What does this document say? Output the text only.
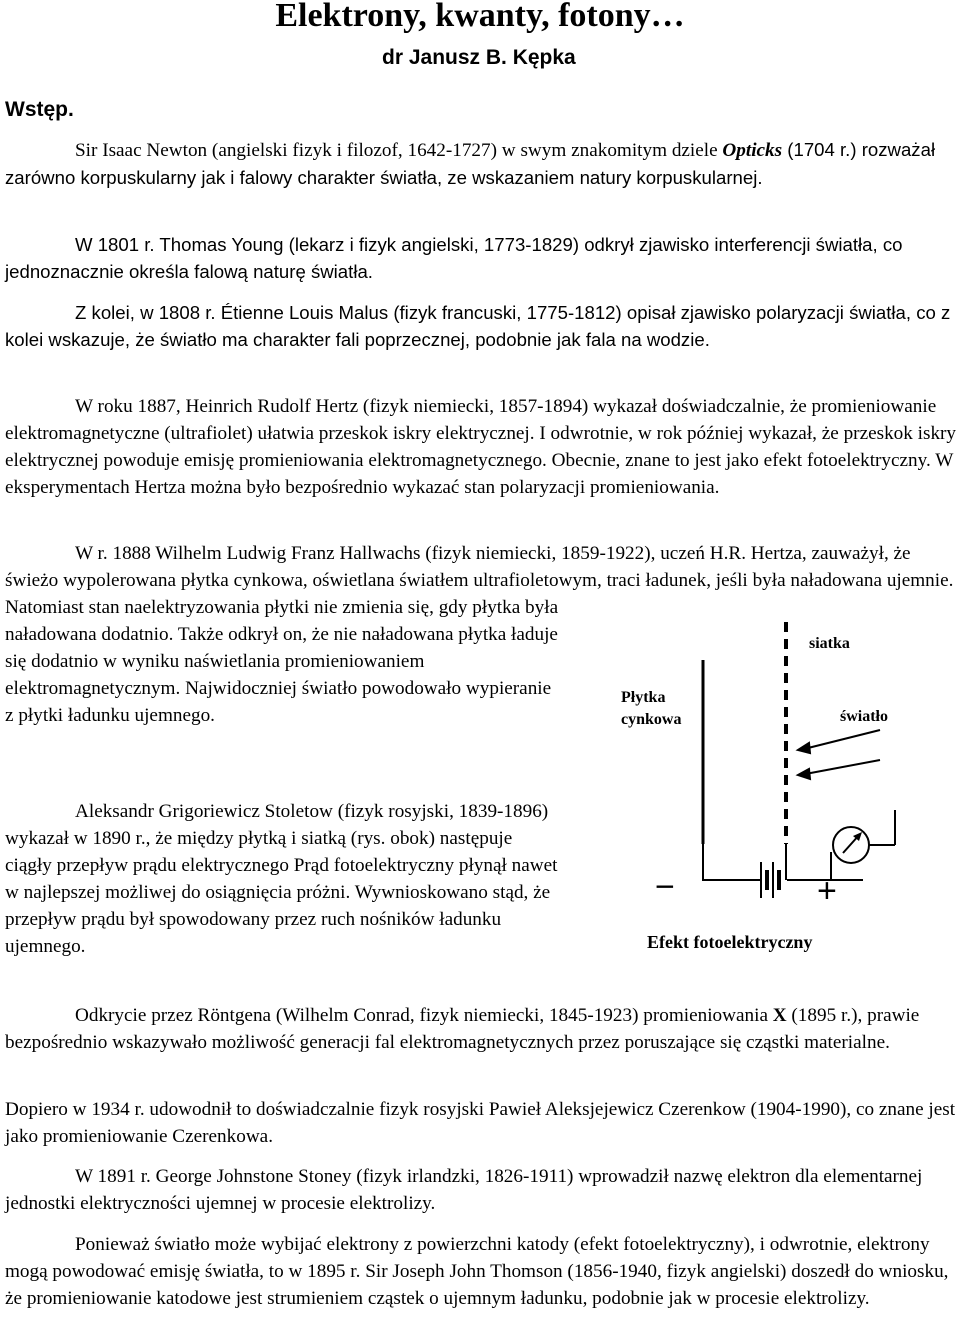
Elektrony, kwanty, fotony…
dr Janusz B. Kępka
Wstęp.

Sir Isaac Newton (angielski fizyk i filozof, 1642-1727) w swym znakomitym dziele Opticks (1704 r.) rozważał zarówno korpuskularny jak i falowy charakter światła, ze wskazaniem natury korpuskularnej.

W 1801 r. Thomas Young (lekarz i fizyk angielski, 1773-1829) odkrył zjawisko interferencji światła, co jednoznacznie określa falową naturę światła.

Z kolei, w 1808 r. Étienne Louis Malus (fizyk francuski, 1775-1812) opisał zjawisko polaryzacji światła, co z kolei wskazuje, że światło ma charakter fali poprzecznej, podobnie jak fala na wodzie.

W roku 1887, Heinrich Rudolf Hertz (fizyk niemiecki, 1857-1894) wykazał doświadczalnie, że promieniowanie elektromagnetyczne (ultrafiolet) ułatwia przeskok iskry elektrycznej. I odwrotnie, w rok później wykazał, że przeskok iskry elektrycznej powoduje emisję promieniowania elektromagnetycznego. Obecnie, znane to jest jako efekt fotoelektryczny. W eksperymentach Hertza można było bezpośrednio wykazać stan polaryzacji promieniowania.

W r. 1888 Wilhelm Ludwig Franz Hallwachs (fizyk niemiecki, 1859-1922), uczeń H.R. Hertza, zauważył, że świeżo wypolerowana płytka cynkowa, oświetlana światłem ultrafioletowym, traci ładunek, jeśli była naładowana ujemnie.

Natomiast stan naelektryzowania płytki nie zmienia się, gdy płytka była naładowana dodatnio. Także odkrył on, że nie naładowana płytka ładuje się dodatnio w wyniku naświetlania promieniowaniem elektromagnetycznym. Najwidoczniej światło powodowało wypieranie z płytki ładunku ujemnego.

Aleksandr Grigoriewicz Stoletow (fizyk rosyjski, 1839-1896) wykazał w 1890 r., że między płytką i siatką (rys. obok) następuje ciągły przepływ prądu elektrycznego Prąd fotoelektryczny płynął nawet w najlepszej możliwej do osiągnięcia próżni. Wywnioskowano stąd, że przepływ prądu był spowodowany przez ruch nośników ładunku ujemnego.

Odkrycie przez Röntgena (Wilhelm Conrad, fizyk niemiecki, 1845-1923) promieniowania X (1895 r.), prawie bezpośrednio wskazywało możliwość generacji fal elektromagnetycznych przez poruszające się cząstki materialne.

Dopiero w 1934 r. udowodnił to doświadczalnie fizyk rosyjski Pawieł Aleksjejewicz Czerenkow (1904-1990), co znane jest jako promieniowanie Czerenkowa.

W 1891 r. George Johnstone Stoney (fizyk irlandzki, 1826-1911) wprowadził nazwę elektron dla elementarnej jednostki elektryczności ujemnej w procesie elektrolizy.

Ponieważ światło może wybijać elektrony z powierzchni katody (efekt fotoelektryczny), i odwrotnie, elektrony mogą powodować emisję światła, to w 1895 r. Sir Joseph John Thomson (1856-1940, fizyk angielski) doszedł do wniosku, że promieniowanie katodowe jest strumieniem cząstek o ujemnym ładunku, podobnie jak w procesie elektrolizy.

siatka
Płytka
cynkowa	światło
−	+
Efekt fotoelektryczny
